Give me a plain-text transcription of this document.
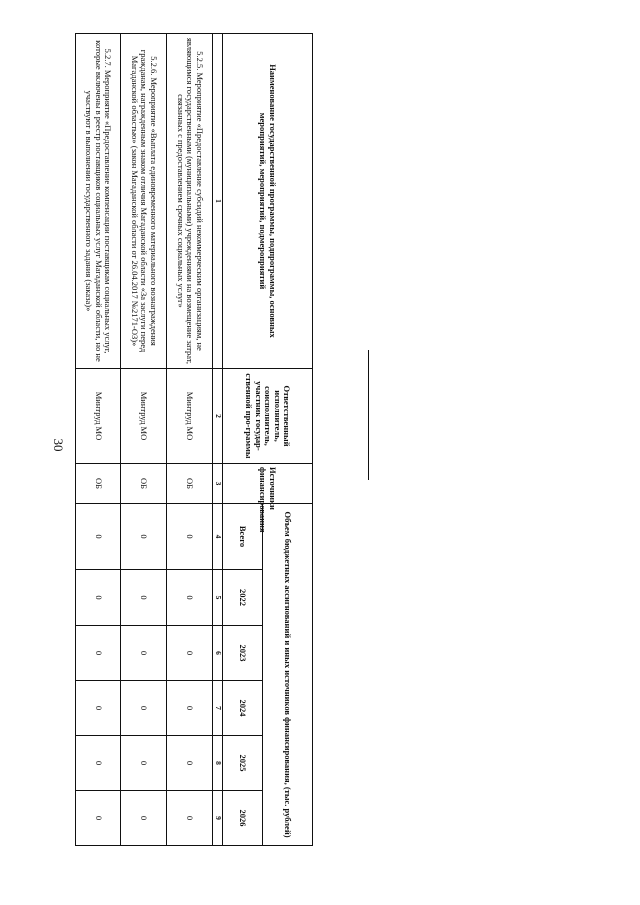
30
Наименование государственной программы, подпрограммы, основных мероприятий, мероприятий, подмероприятий	Ответственный исполнитель, соисполнитель, участник государ-ственной про-граммы	Источники финансирования	Объем бюджетных ассигнований и иных источников финансирования, (тыс. рублей)					
			Всего	2022	2023	2024	2025	2026
1	2	3	4	5	6	7	8	9
5.2.5. Мероприятие «Предоставление субсидий некоммерческим организациям, не являющимся государственными (муниципальными) учреждениями на возмещение затрат, связанных с предоставлением срочных социальных услуг»	Минтруд МО	ОБ	0	0	0	0	0	0
5.2.6. Мероприятие «Выплата единовременного материального вознаграждения гражданам, награжденным знаком отличия Магаданской области «За заслуги перед Магаданской областью» (закон Магаданской области от 26.04.2017 №2171-ОЗ)»	Минтруд МО	ОБ	0	0	0	0	0	0
5.2.7. Мероприятие «Предоставление компенсации поставщикам социальных услуг, которые включены в реестр поставщиков социальных услуг Магаданской области, но не участвуют в выполнении государственного задания (заказа)»	Минтруд МО	ОБ	0	0	0	0	0	0
